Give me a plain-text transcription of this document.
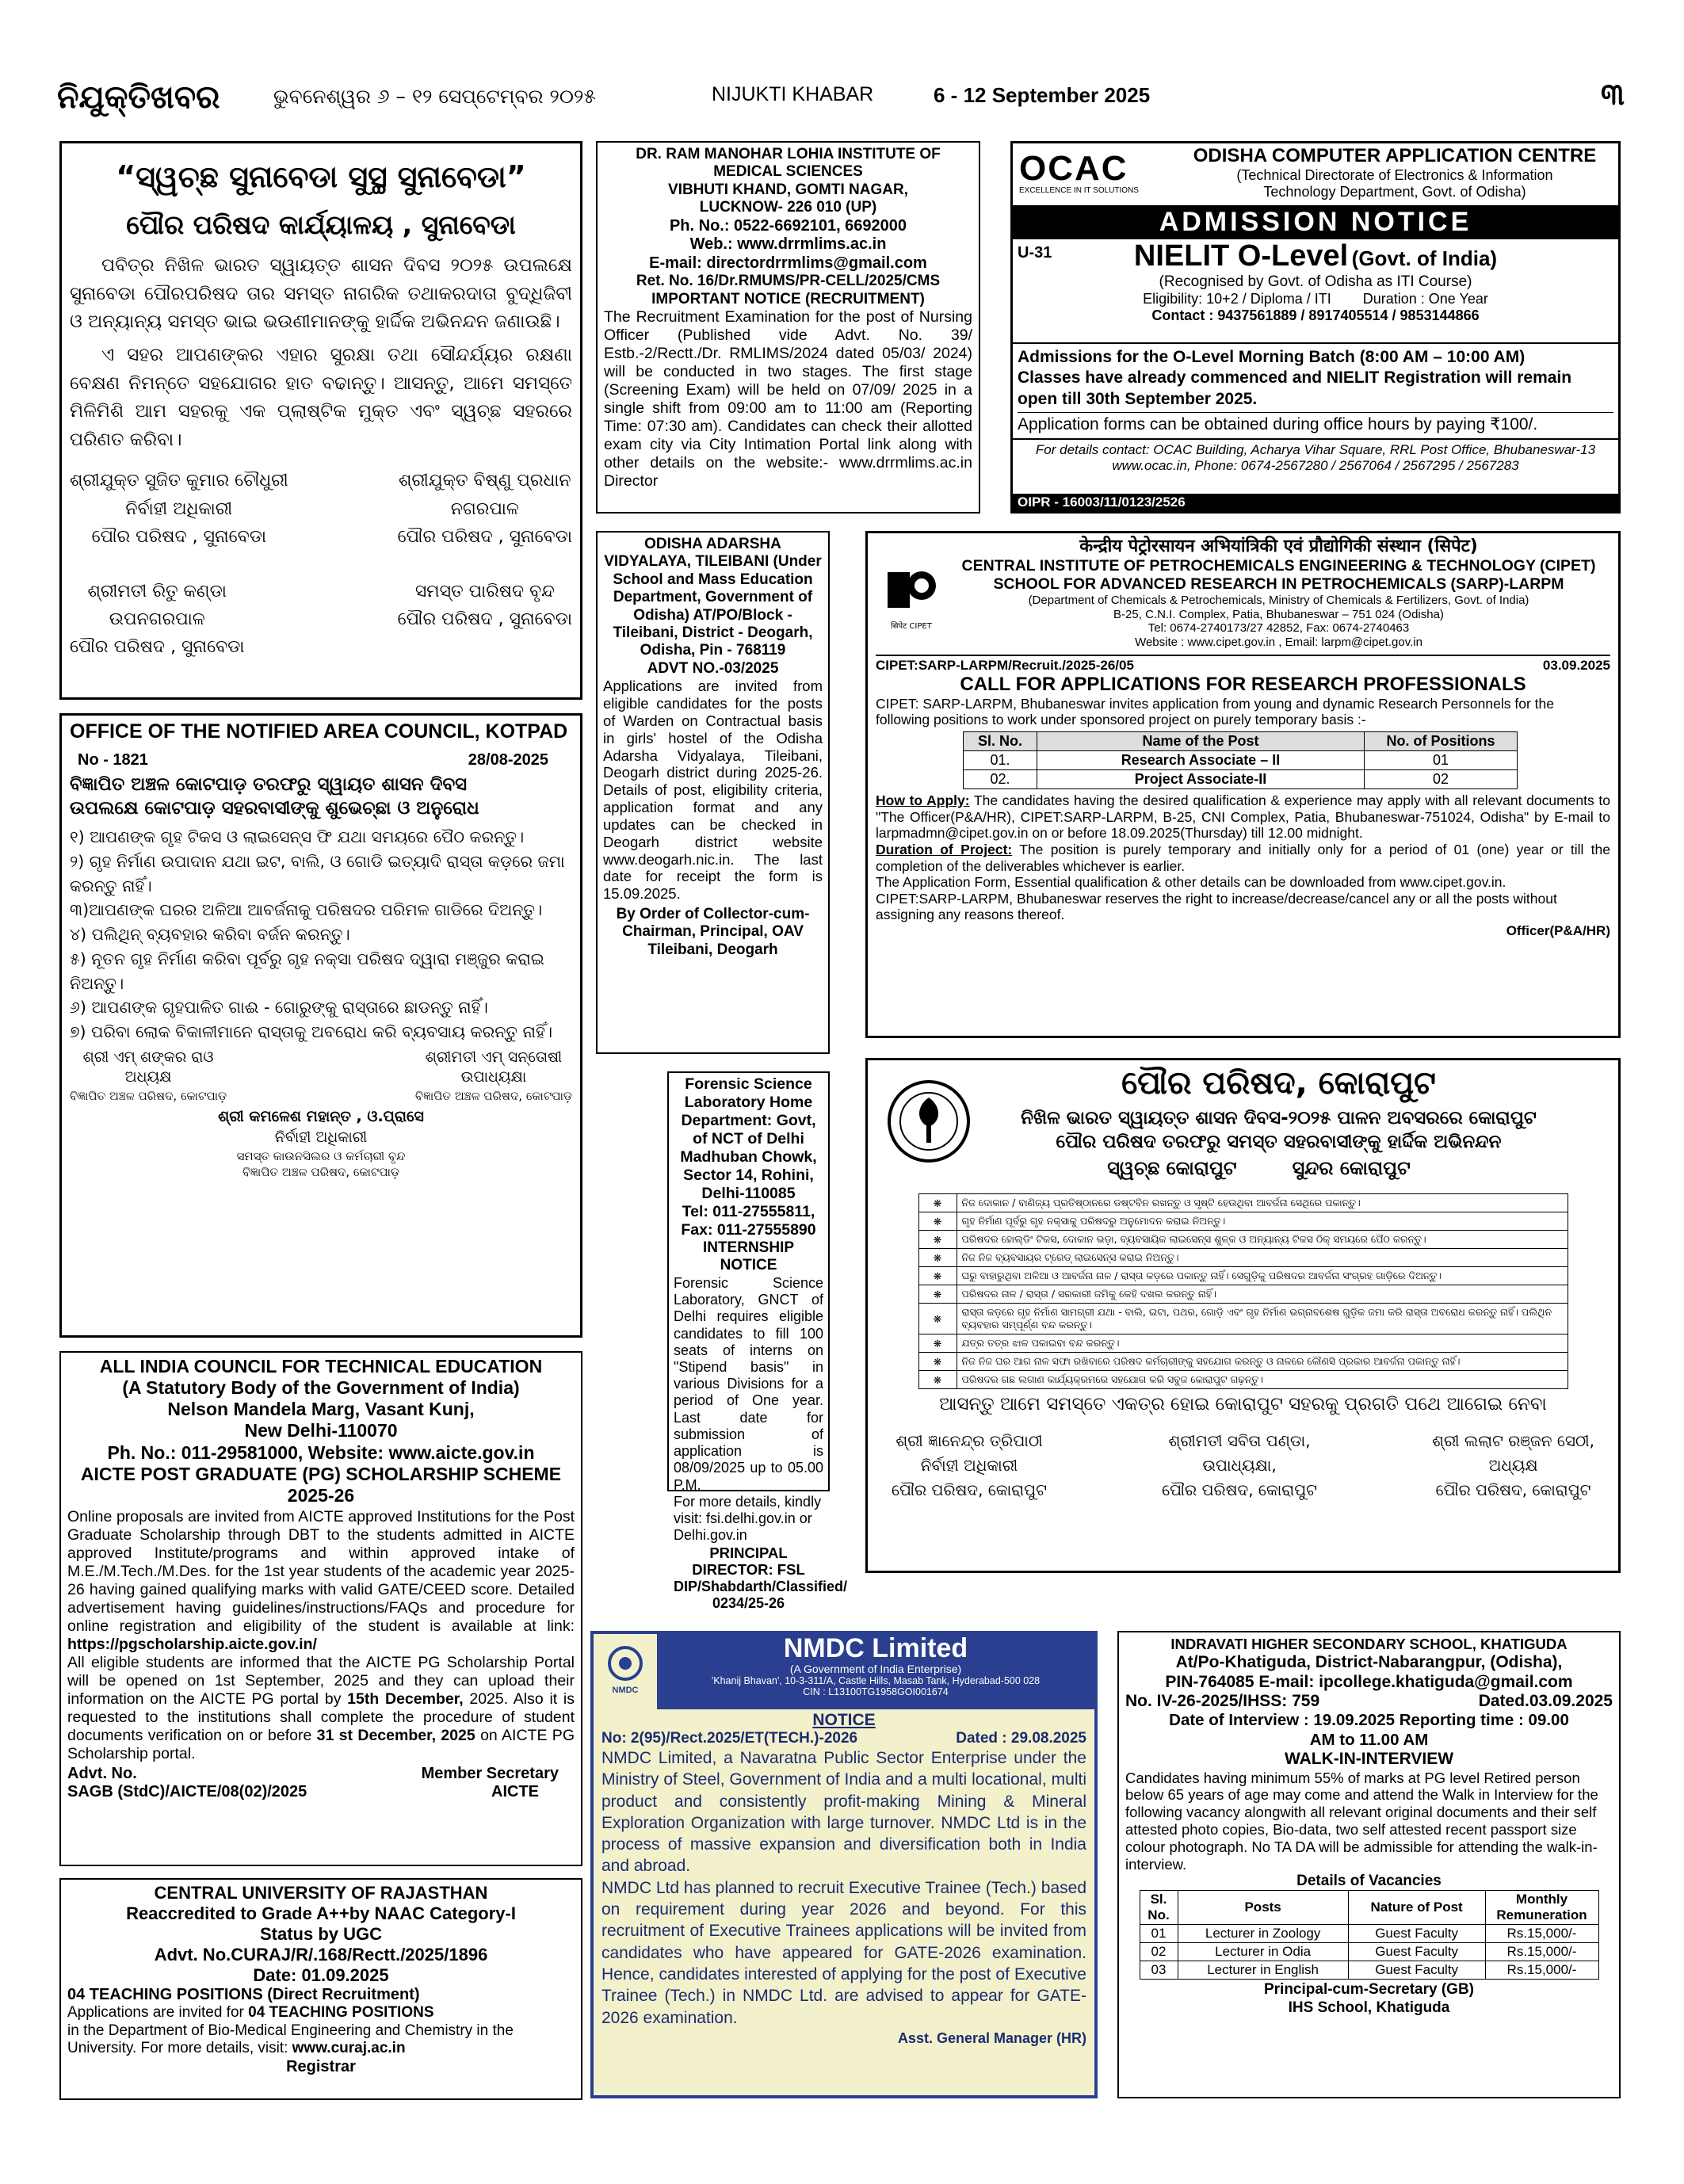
ନିଯୁକ୍ତିଖବର	ଭୁବନେଶ୍ୱର ୬ – ୧୨ ସେପ୍ଟେମ୍ବର ୨୦୨୫	NIJUKTI KHABAR	6 - 12 September 2025	୩

“ସ୍ୱଚ୍ଛ ସୁନାବେଡା ସୁସ୍ଥ ସୁନାବେଡା”

ପୌର ପରିଷଦ କାର୍ଯ୍ୟାଳୟ , ସୁନାବେଡା

ପବିତ୍ର ନିଖିଳ ଭାରତ ସ୍ୱାୟତ୍ତ ଶାସନ ଦିବସ ୨୦୨୫ ଉପଲକ୍ଷେ ସୁନାବେଡା ପୌରପରିଷଦ ତାର ସମସ୍ତ ନାଗରିକ ତଥାକରଦାତା ବୁଦ୍ଧିଜିବୀ ଓ ଅନ୍ୟାନ୍ୟ ସମସ୍ତ ଭାଇ ଭଉଣୀମାନଙ୍କୁ ହାର୍ଦ୍ଦିକ ଅଭିନନ୍ଦନ ଜଣାଉଛି।

ଏ ସହର ଆପଣଙ୍କର ଏହାର ସୁରକ୍ଷା ତଥା ସୌନ୍ଦର୍ଯ୍ୟର ରକ୍ଷଣା ବେକ୍ଷଣ ନିମନ୍ତେ ସହଯୋଗର ହାତ ବଢାନ୍ତୁ। ଆସନ୍ତୁ, ଆମେ ସମସ୍ତେ ମିଳିମିଶି ଆମ ସହରକୁ ଏକ ପ୍ଲାଷ୍ଟିକ ମୁକ୍ତ ଏବଂ ସ୍ୱଚ୍ଛ ସହରରେ ପରିଣତ କରିବା।

ଶ୍ରୀଯୁକ୍ତ ସୁଜିତ କୁମାର ଚୌଧୁରୀ
ନିର୍ବାହୀ ଅଧିକାରୀ
ପୌର ପରିଷଦ , ସୁନାବେଡା
ଶ୍ରୀଯୁକ୍ତ ବିଷ୍ଣୁ ପ୍ରଧାନ
ନଗରପାଳ
ପୌର ପରିଷଦ , ସୁନାବେଡା
ଶ୍ରୀମତୀ ରିତୁ କଣ୍ଡା
ଉପନଗରପାଳ
ପୌର ପରିଷଦ , ସୁନାବେଡା
ସମସ୍ତ ପାରିଷଦ ବୃନ୍ଦ
ପୌର ପରିଷଦ , ସୁନାବେଡା

OFFICE OF THE NOTIFIED AREA COUNCIL, KOTPAD

No - 1821	28/08-2025

ବିଜ୍ଞାପିତ ଅଞ୍ଚଳ କୋଟପାଡ଼ ତରଫରୁ ସ୍ୱାୟତ ଶାସନ ଦିବସ

ଉପଲକ୍ଷେ କୋଟପାଡ଼ ସହରବାସୀଙ୍କୁ ଶୁଭେଚ୍ଛା ଓ ଅନୁରୋଧ

୧) ଆପଣଙ୍କ ଗୃହ ଟିକସ ଓ ଲାଇସେନ୍ସ ଫି ଯଥା ସମୟରେ ପୈଠ କରନ୍ତୁ।

୨) ଗୃହ ନିର୍ମାଣ ଉପାଦାନ ଯଥା ଇଟ, ବାଲି, ଓ ଗୋଡି ଇତ୍ୟାଦି ରାସ୍ତା କଡ଼ରେ ଜମା କରନ୍ତୁ ନାହିଁ।

୩)ଆପଣଙ୍କ ଘରର ଅଳିଆ ଆବର୍ଜନାକୁ ପରିଷଦର ପରିମଳ ଗାଡିରେ ଦିଅନ୍ତୁ।

୪) ପଲିଥିନ୍ ବ୍ୟବହାର କରିବା ବର୍ଜନ କରନ୍ତୁ।

୫) ନୂତନ ଗୃହ ନିର୍ମାଣ କରିବା ପୂର୍ବରୁ ଗୃହ ନକ୍ସା ପରିଷଦ ଦ୍ୱାରା ମଞ୍ଜୁର କରାଇ ନିଅନ୍ତୁ।

୬) ଆପଣଙ୍କ ଗୃହପାଳିତ ଗାଈ - ଗୋରୁଙ୍କୁ ରାସ୍ତାରେ ଛାଡନ୍ତୁ ନାହିଁ।

୭) ପରିବା ଲୋକ ବିକାଳୀମାନେ ରାସ୍ତାକୁ ଅବରୋଧ କରି ବ୍ୟବସାୟ କରନ୍ତୁ ନାହିଁ।

ଶ୍ରୀ ଏମ୍ ଶଙ୍କର ରାଓ
ଅଧ୍ୟକ୍ଷ
ବିଜ୍ଞାପିତ ଅଞ୍ଚଳ ପରିଷଦ, କୋଟପାଡ଼
ଶ୍ରୀମତୀ ଏମ୍ ସନ୍ତୋଷୀ
ଉପାଧ୍ୟକ୍ଷା
ବିଜ୍ଞାପିତ ଅଞ୍ଚଳ ପରିଷଦ, କୋଟପାଡ଼
ଶ୍ରୀ କମଳେଶ ମହାନ୍ତ , ଓ.ପ୍ରାସେ
ନିର୍ବାହୀ ଅଧିକାରୀ
ସମସ୍ତ କାଉନସିଲର ଓ କର୍ମଚାରୀ ବୃନ୍ଦ
ବିଜ୍ଞାପିତ ଅଞ୍ଚଳ ପରିଷଦ, କୋଟପାଡ଼

ALL INDIA COUNCIL FOR TECHNICAL EDUCATION

(A Statutory Body of the Government of India)

Nelson Mandela Marg, Vasant Kunj,

New Delhi-110070

Ph. No.: 011-29581000, Website: www.aicte.gov.in

AICTE POST GRADUATE (PG) SCHOLARSHIP SCHEME

2025-26

Online proposals are invited from AICTE approved Institutions for the Post Graduate Scholarship through DBT to the students admitted in AICTE approved Institute/programs and within approved intake of M.E./M.Tech./M.Des. for the 1st year students of the academic year 2025-26 having gained qualifying marks with valid GATE/CEED score. Detailed advertisement having guidelines/instructions/FAQs and procedure for online registration and eligibility of the student is available at link: https://pgscholarship.aicte.gov.in/

All eligible students are informed that the AICTE PG Scholarship Portal will be opened on 1st September, 2025 and they can upload their information on the AICTE PG portal by 15th December, 2025. Also it is requested to the institutions shall complete the procedure of student documents verification on or before 31 st December, 2025 on AICTE PG Scholarship portal.

Advt. No.	Member Secretary
SAGB (StdC)/AICTE/08(02)/2025	AICTE

CENTRAL UNIVERSITY OF RAJASTHAN

Reaccredited to Grade A++by NAAC Category-I

Status by UGC

Advt. No.CURAJ/R/.168/Rectt./2025/1896

Date: 01.09.2025

04 TEACHING POSITIONS (Direct Recruitment)

Applications are invited for 04 TEACHING POSITIONS
in the Department of Bio-Medical Engineering and Chemistry in the University. For more details, visit: www.curaj.ac.in

Registrar

DR. RAM MANOHAR LOHIA INSTITUTE OF MEDICAL SCIENCES

VIBHUTI KHAND, GOMTI NAGAR,

LUCKNOW- 226 010 (UP)

Ph. No.: 0522-6692101, 6692000

Web.: www.drrmlims.ac.in

E-mail: directordrrmlims@gmail.com

Ret. No. 16/Dr.RMUMS/PR-CELL/2025/CMS

IMPORTANT NOTICE (RECRUITMENT)

The Recruitment Examination for the post of Nursing Officer (Published vide Advt. No. 39/ Estb.-2/Rectt./Dr. RMLIMS/2024 dated 05/03/ 2024) will be conducted in two stages. The first stage (Screening Exam) will be held on 07/09/ 2025 in a single shift from 09:00 am to 11:00 am (Reporting Time: 07:30 am). Candidates can check their allotted exam city via City Intimation Portal link along with other details on the website:- www.drrmlims.ac.in Director

ODISHA ADARSHA VIDYALAYA, TILEIBANI (Under School and Mass Education Department, Government of Odisha) AT/PO/Block - Tileibani, District - Deogarh, Odisha, Pin - 768119

ADVT NO.-03/2025

Applications are invited from eligible candidates for the posts of Warden on Contractual basis in girls' hostel of the Odisha Adarsha Vidyalaya, Tileibani, Deogarh district during 2025-26. Details of post, eligibility criteria, application format and any updates can be checked in Deogarh district website www.deogarh.nic.in. The last date for receipt the form is 15.09.2025.

By Order of Collector-cum-Chairman, Principal, OAV Tileibani, Deogarh

Forensic Science Laboratory Home Department: Govt, of NCT of Delhi Madhuban Chowk, Sector 14, Rohini, Delhi-110085

Tel: 011-27555811, Fax: 011-27555890

INTERNSHIP NOTICE

Forensic Science Laboratory, GNCT of Delhi requires eligible candidates to fill 100 seats of interns on "Stipend basis" in various Divisions for a period of One year. Last date for submission of application is 08/09/2025 up to 05.00 P.M.

For more details, kindly visit: fsi.delhi.gov.in or Delhi.gov.in

PRINCIPAL DIRECTOR: FSL

DIP/Shabdarth/Classified/ 0234/25-26

OCAC
EXCELLENCE IN IT SOLUTIONS
ODISHA COMPUTER APPLICATION CENTRE
(Technical Directorate of Electronics & Information
Technology Department, Govt. of Odisha)
ADMISSION NOTICE
U-31	NIELIT O-Level (Govt. of India)
(Recognised by Govt. of Odisha as ITI Course)
Eligibility: 10+2 / Diploma / ITI        Duration : One Year
Contact : 9437561889 / 8917405514 / 9853144866

Admissions for the O-Level Morning Batch (8:00 AM – 10:00 AM)

Classes have already commenced and NIELIT Registration will remain open till 30th September 2025.

Application forms can be obtained during office hours by paying ₹100/.

For details contact: OCAC Building, Acharya Vihar Square, RRL Post Office, Bhubaneswar-13 www.ocac.in, Phone: 0674-2567280 / 2567064 / 2567295 / 2567283

OIPR - 16003/11/0123/2526

सिपेट CIPET
केन्द्रीय पेट्रोरसायन अभियांत्रिकी एवं प्रौद्योगिकी संस्थान (सिपेट)
CENTRAL INSTITUTE OF PETROCHEMICALS ENGINEERING & TECHNOLOGY (CIPET)
SCHOOL FOR ADVANCED RESEARCH IN PETROCHEMICALS (SARP)-LARPM
(Department of Chemicals & Petrochemicals, Ministry of Chemicals & Fertilizers, Govt. of India)
B-25, C.N.I. Complex, Patia, Bhubaneswar – 751 024 (Odisha)
Tel: 0674-2740173/27 42852, Fax: 0674-2740463
Website : www.cipet.gov.in , Email: larpm@cipet.gov.in
CIPET:SARP-LARPM/Recruit./2025-26/05	03.09.2025

CALL FOR APPLICATIONS FOR RESEARCH PROFESSIONALS

CIPET: SARP-LARPM, Bhubaneswar invites application from young and dynamic Research Personnels for the following positions to work under sponsored project on purely temporary basis :-

Sl. No.	Name of the Post	No. of Positions
01.	Research Associate – II	01
02.	Project Associate-II	02

How to Apply: The candidates having the desired qualification & experience may apply with all relevant documents to "The Officer(P&A/HR), CIPET:SARP-LARPM, B-25, CNI Complex, Patia, Bhubaneswar-751024, Odisha" by E-mail to larpmadmn@cipet.gov.in on or before 18.09.2025(Thursday) till 12.00 midnight.

Duration of Project: The position is purely temporary and initially only for a period of 01 (one) year or till the completion of the deliverables whichever is earlier.

The Application Form, Essential qualification & other details can be downloaded from www.cipet.gov.in.

CIPET:SARP-LARPM, Bhubaneswar reserves the right to increase/decrease/cancel any or all the posts without assigning any reasons thereof.

Officer(P&A/HR)

ପୌର ପରିଷଦ, କୋରାପୁଟ

ନିଖିଳ ଭାରତ ସ୍ୱାୟତ୍ତ ଶାସନ ଦିବସ-୨୦୨୫ ପାଳନ ଅବସରରେ କୋରାପୁଟ

ପୌର ପରିଷଦ ତରଫରୁ ସମସ୍ତ ସହରବାସୀଙ୍କୁ ହାର୍ଦ୍ଦିକ ଅଭିନନ୍ଦନ

ସ୍ୱଚ୍ଛ କୋରାପୁଟ	ସୁନ୍ଦର କୋରାପୁଟ
❋	ନିଜ ଦୋକାନ / ବାଣିଜ୍ୟ ପ୍ରତିଷ୍ଠାନରେ ଡଷ୍ଟବିନ ରଖନ୍ତୁ ଓ ସୃଷ୍ଟି ହେଉଥିବା ଆବର୍ଜନା ସେଥିରେ ପକାନ୍ତୁ।
❋	ଗୃହ ନିର୍ମାଣ ପୂର୍ବରୁ ଗୃହ ନକ୍ସାକୁ ପରିଷଦରୁ ଅନୁମୋଦନ କରାଇ ନିଅନ୍ତୁ।
❋	ପରିଷଦର ହୋଲ୍ଡିଂ ଟିକସ, ଦୋକାନ ଭଡ଼ା, ବ୍ୟବସାୟିକ ଲାଇସେନ୍ସ ଶୁଳ୍କ ଓ ଅନ୍ୟାନ୍ୟ ଟିକସ ଠିକ୍ ସମୟରେ ପୈଠ କରନ୍ତୁ।
❋	ନିଜ ନିଜ ବ୍ୟବସାୟର ଟ୍ରେଡ୍ ଲାଇସେନ୍ସ କରାଇ ନିଅନ୍ତୁ।
❋	ଘରୁ ବାହାରୁଥିବା ଅଳିଆ ଓ ଆବର୍ଜନା ନାଳ / ରାସ୍ତା କଡ଼ରେ ପକାନ୍ତୁ ନାହିଁ। ସେଗୁଡ଼ିକୁ ପରିଷଦର ଆବର୍ଜନା ସଂଗ୍ରହ ଗାଡ଼ିରେ ଦିଅନ୍ତୁ।
❋	ପରିଷଦର ନାଳ / ରାସ୍ତା / ସରକାରୀ ଜମିକୁ କେହି ଦଖଲ କରନ୍ତୁ ନାହିଁ।
❋	ରାସ୍ତା କଡ଼ରେ ଗୃହ ନିର୍ମାଣ ସାମଗ୍ରୀ ଯଥା - ବାଲି, ଇଟା, ପଥର, ଗୋଡ଼ି ଏବଂ ଗୃହ ନିର୍ମାଣ ଭଗ୍ନାବଶେଷ ଗୁଡ଼ିକ ଜମା କରି ରାସ୍ତା ଅବରୋଧ କରନ୍ତୁ ନାହିଁ। ପଲିଥିନ ବ୍ୟବହାର ସମ୍ପୂର୍ଣ୍ଣ ବନ୍ଦ କରନ୍ତୁ।
❋	ଯତ୍ର ତତ୍ର ଝାଳ ପକାଇବା ବନ୍ଦ କରନ୍ତୁ।
❋	ନିଜ ନିଜ ଘର ଆଗ ନାଳ ସଫା ରଖିବାରେ ପରିଷଦ କର୍ମଚାରୀଙ୍କୁ ସହଯୋଗ କରନ୍ତୁ ଓ ନାଳରେ କୌଣସି ପ୍ରକାର ଆବର୍ଜନା ପକାନ୍ତୁ ନାହିଁ।
❋	ପରିଷଦର ଗଛ ଲଗାଣ କାର୍ଯ୍ୟକ୍ରମରେ ସହଯୋଗ କରି ସବୁଜ କୋରାପୁଟ ଗଢ଼ନ୍ତୁ।

ଆସନ୍ତୁ ଆମେ ସମସ୍ତେ ଏକତ୍ର ହୋଇ କୋରାପୁଟ ସହରକୁ ପ୍ରଗତି ପଥେ ଆଗେଇ ନେବା

ଶ୍ରୀ ଜ୍ଞାନେନ୍ଦ୍ର ତ୍ରିପାଠୀ
ନିର୍ବାହୀ ଅଧିକାରୀ
ପୌର ପରିଷଦ, କୋରାପୁଟ
ଶ୍ରୀମତୀ ସବିତା ପଣ୍ଡା,
ଉପାଧ୍ୟକ୍ଷା,
ପୌର ପରିଷଦ, କୋରାପୁଟ
ଶ୍ରୀ ଲଲାଟ ରଞ୍ଜନ ସେଠୀ,
ଅଧ୍ୟକ୍ଷ
ପୌର ପରିଷଦ, କୋରାପୁଟ
NMDC
NMDC Limited
(A Government of India Enterprise)
'Khanij Bhavan', 10-3-311/A, Castle Hills, Masab Tank, Hyderabad-500 028
CIN : L13100TG1958GOI001674

NOTICE

No: 2(95)/Rect.2025/ET(TECH.)-2026	Dated : 29.08.2025

NMDC Limited, a Navaratna Public Sector Enterprise under the Ministry of Steel, Government of India and a multi locational, multi product and consistently profit-making Mining & Mineral Exploration Organization with large turnover. NMDC Ltd is in the process of massive expansion and diversification both in India and abroad.

NMDC Ltd has planned to recruit Executive Trainee (Tech.) based on requirement during year 2026 and beyond. For this recruitment of Executive Trainees applications will be invited from candidates who have appeared for GATE-2026 examination. Hence, candidates interested of applying for the post of Executive Trainee (Tech.) in NMDC Ltd. are advised to appear for GATE-2026 examination.

Asst. General Manager (HR)

INDRAVATI HIGHER SECONDARY SCHOOL, KHATIGUDA

At/Po-Khatiguda, District-Nabarangpur, (Odisha),

PIN-764085 E-mail: ipcollege.khatiguda@gmail.com

No. IV-26-2025/IHSS: 759	Dated.03.09.2025

Date of Interview : 19.09.2025 Reporting time : 09.00

AM to 11.00 AM

WALK-IN-INTERVIEW

Candidates having minimum 55% of marks at PG level Retired person below 65 years of age may come and attend the Walk in Interview for the following vacancy alongwith all relevant original documents and their self attested photo copies, Bio-data, two self attested recent passport size colour photograph. No TA DA will be admissible for attending the walk-in-interview.

Details of Vacancies

Sl. No.	Posts	Nature of Post	Monthly Remuneration
01	Lecturer in Zoology	Guest Faculty	Rs.15,000/-
02	Lecturer in Odia	Guest Faculty	Rs.15,000/-
03	Lecturer in English	Guest Faculty	Rs.15,000/-

Principal-cum-Secretary (GB)

IHS School, Khatiguda
